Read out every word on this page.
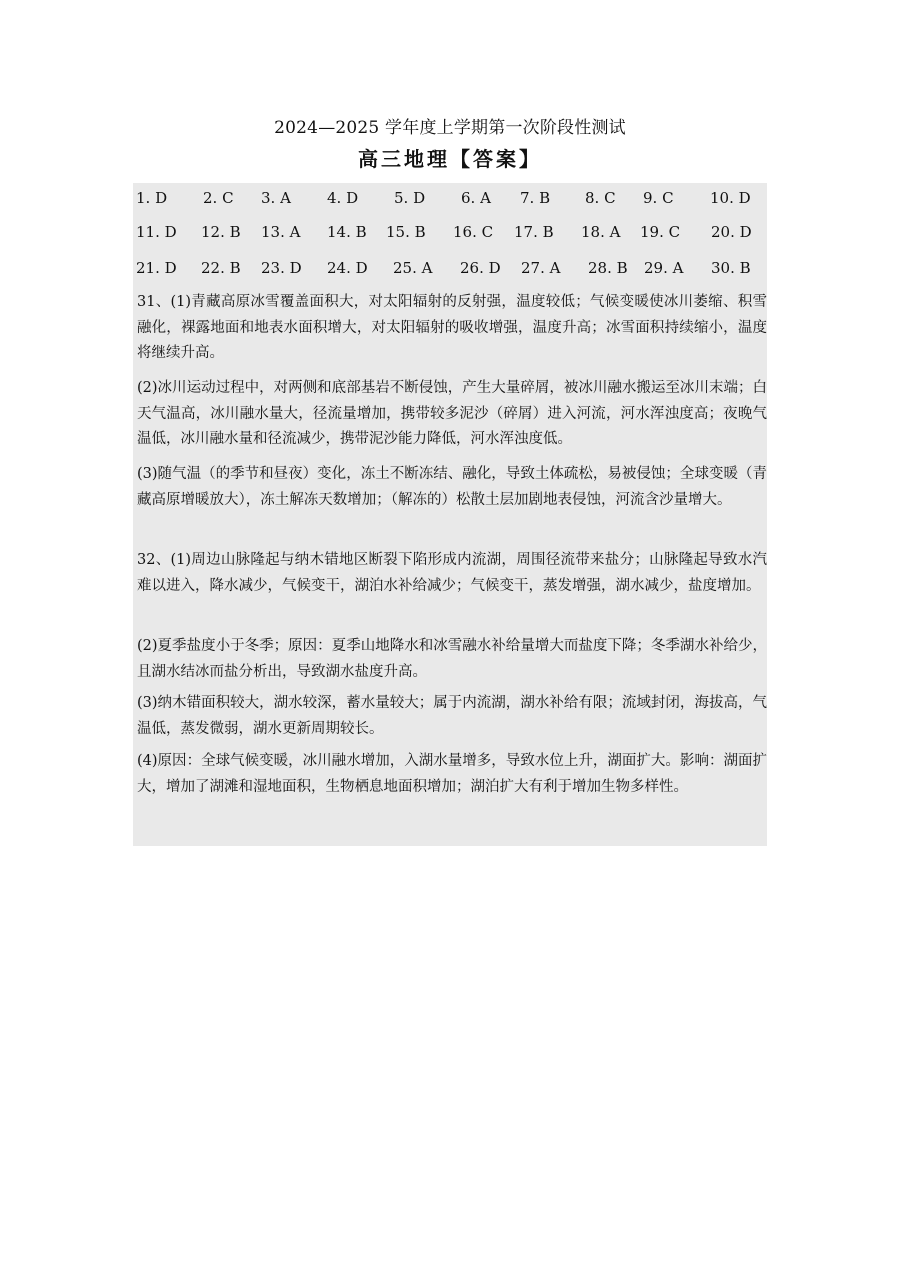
2024—2025 学年度上学期第一次阶段性测试
高三地理【答案】
1. D 2. C 3. A 4. D 5. D 6. A 7. B 8. C 9. C 10. D
11. D 12. B 13. A 14. B 15. B 16. C 17. B 18. A 19. C 20. D
21. D 22. B 23. D 24. D 25. A 26. D 27. A 28. B 29. A 30. B

31、(1)青藏高原冰雪覆盖面积大，对太阳辐射的反射强，温度较低；气候变暖使冰川萎缩、积雪融化，裸露地面和地表水面积增大，对太阳辐射的吸收增强，温度升高；冰雪面积持续缩小，温度将继续升高。

(2)冰川运动过程中，对两侧和底部基岩不断侵蚀，产生大量碎屑，被冰川融水搬运至冰川末端；白天气温高，冰川融水量大，径流量增加，携带较多泥沙（碎屑）进入河流，河水浑浊度高；夜晚气温低，冰川融水量和径流减少，携带泥沙能力降低，河水浑浊度低。

(3)随气温（的季节和昼夜）变化，冻土不断冻结、融化，导致土体疏松，易被侵蚀；全球变暖（青藏高原增暖放大），冻土解冻天数增加；（解冻的）松散土层加剧地表侵蚀，河流含沙量增大。

32、(1)周边山脉隆起与纳木错地区断裂下陷形成内流湖，周围径流带来盐分；山脉隆起导致水汽难以进入，降水减少，气候变干，湖泊水补给减少；气候变干，蒸发增强，湖水减少，盐度增加。

(2)夏季盐度小于冬季；原因：夏季山地降水和冰雪融水补给量增大而盐度下降；冬季湖水补给少，且湖水结冰而盐分析出，导致湖水盐度升高。

(3)纳木错面积较大，湖水较深，蓄水量较大；属于内流湖，湖水补给有限；流域封闭，海拔高，气温低，蒸发微弱，湖水更新周期较长。

(4)原因：全球气候变暖，冰川融水增加，入湖水量增多，导致水位上升，湖面扩大。影响：湖面扩大，增加了湖滩和湿地面积，生物栖息地面积增加；湖泊扩大有利于增加生物多样性。
